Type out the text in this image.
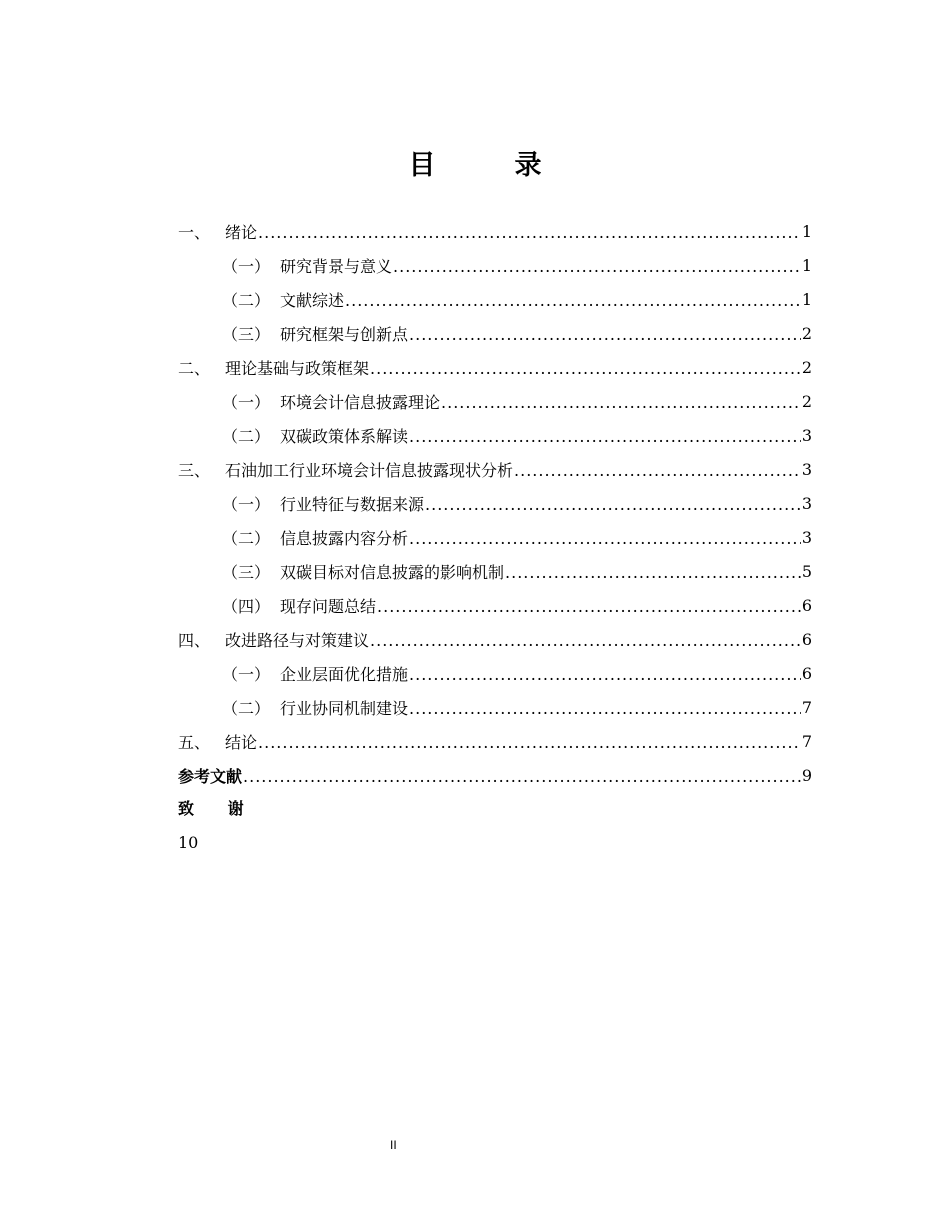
目　录
一、 绪论 .....	1
（一） 研究背景与意义 .....	1
（二） 文献综述 .....	1
（三） 研究框架与创新点 .....	2
二、 理论基础与政策框架 .....	2
（一） 环境会计信息披露理论 .....	2
（二） 双碳政策体系解读 .....	3
三、 石油加工行业环境会计信息披露现状分析 .....	3
（一） 行业特征与数据来源 .....	3
（二） 信息披露内容分析 .....	3
（三） 双碳目标对信息披露的影响机制 .....	5
（四） 现存问题总结 .....	6
四、 改进路径与对策建议 .....	6
（一） 企业层面优化措施 .....	6
（二） 行业协同机制建设 .....	7
五、 结论 .....	7
参考文献 .....	9
致 谢
10
II
